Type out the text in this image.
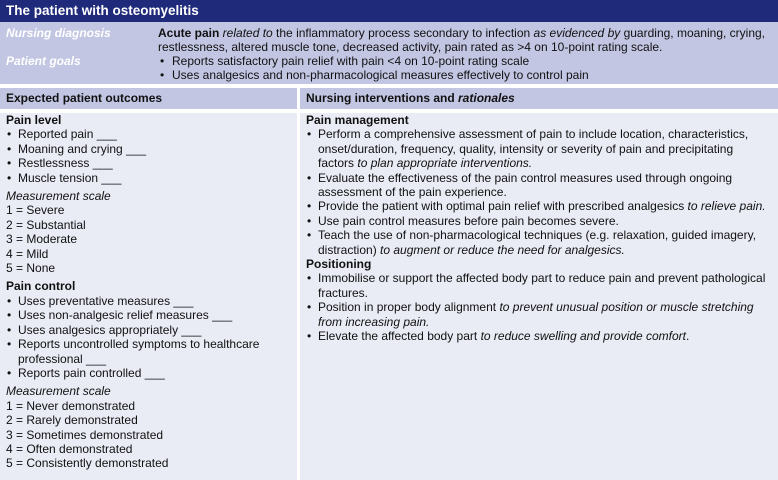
The patient with osteomyelitis
Nursing diagnosis	Acute pain related to the inflammatory process secondary to infection as evidenced by guarding, moaning, crying, restlessness, altered muscle tone, decreased activity, pain rated as >4 on 10-point rating scale.
Patient goals
•	Reports satisfactory pain relief with pain <4 on 10-point rating scale
• Uses analgesics and non-pharmacological measures effectively to control pain
Expected patient outcomes	Nursing interventions and rationales
Pain level
• Reported pain ___
• Moaning and crying ___
• Restlessness ___
• Muscle tension ___
Measurement scale
1 = Severe
2 = Substantial
3 = Moderate
4 = Mild
5 = None
Pain control
• Uses preventative measures ___
• Uses non-analgesic relief measures ___
• Uses analgesics appropriately ___
• Reports uncontrolled symptoms to healthcare professional ___
• Reports pain controlled ___
Measurement scale
1 = Never demonstrated
2 = Rarely demonstrated
3 = Sometimes demonstrated
4 = Often demonstrated
5 = Consistently demonstrated
Pain management
• Perform a comprehensive assessment of pain to include location, characteristics, onset/duration, frequency, quality, intensity or severity of pain and precipitating factors to plan appropriate interventions.
• Evaluate the effectiveness of the pain control measures used through ongoing assessment of the pain experience.
• Provide the patient with optimal pain relief with prescribed analgesics to relieve pain.
• Use pain control measures before pain becomes severe.
• Teach the use of non-pharmacological techniques (e.g. relaxation, guided imagery, distraction) to augment or reduce the need for analgesics.
Positioning
• Immobilise or support the affected body part to reduce pain and prevent pathological fractures.
• Position in proper body alignment to prevent unusual position or muscle stretching from increasing pain.
• Elevate the affected body part to reduce swelling and provide comfort.
